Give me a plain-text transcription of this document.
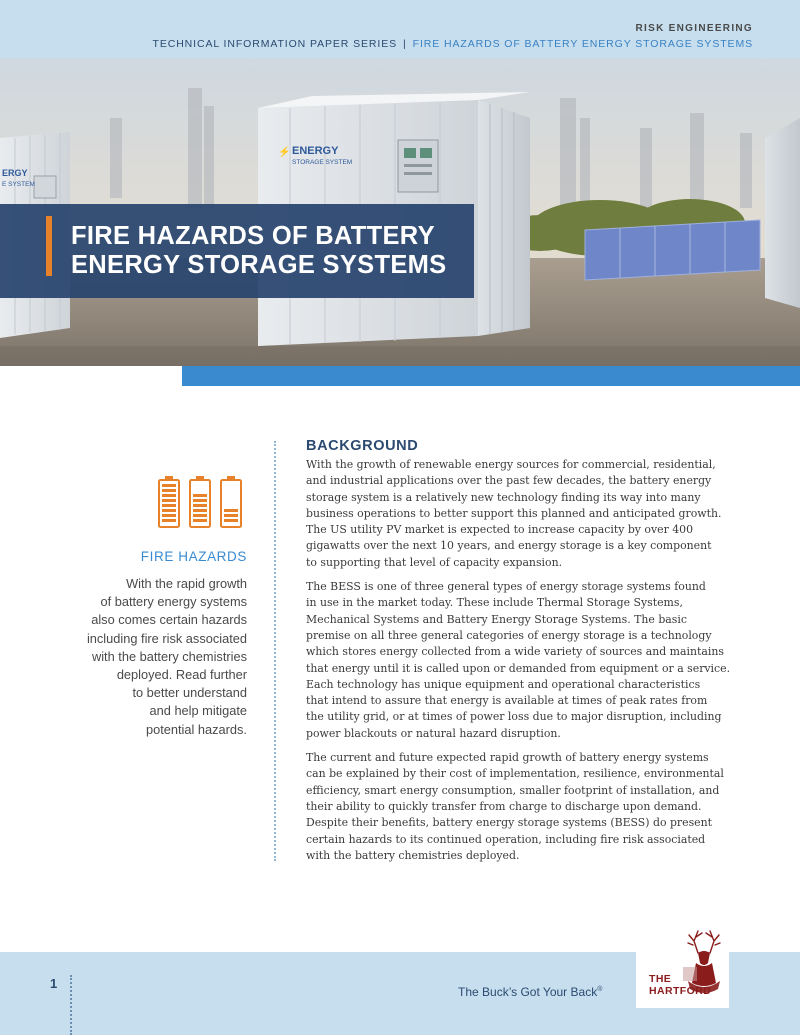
RISK ENGINEERING
TECHNICAL INFORMATION PAPER SERIES | FIRE HAZARDS OF BATTERY ENERGY STORAGE SYSTEMS
ERGY
E SYSTEM
⚡ ENERGY
STORAGE SYSTEM
FIRE HAZARDS OF BATTERY
ENERGY STORAGE SYSTEMS
FIRE HAZARDS
With the rapid growth
of battery energy systems
also comes certain hazards
including fire risk associated
with the battery chemistries
deployed. Read further
to better understand
and help mitigate
potential hazards.
BACKGROUND

With the growth of renewable energy sources for commercial, residential,
and industrial applications over the past few decades, the battery energy
storage system is a relatively new technology finding its way into many
business operations to better support this planned and anticipated growth.
The US utility PV market is expected to increase capacity by over 400
gigawatts over the next 10 years, and energy storage is a key component
to supporting that level of capacity expansion.

The BESS is one of three general types of energy storage systems found
in use in the market today. These include Thermal Storage Systems,
Mechanical Systems and Battery Energy Storage Systems. The basic
premise on all three general categories of energy storage is a technology
which stores energy collected from a wide variety of sources and maintains
that energy until it is called upon or demanded from equipment or a service.
Each technology has unique equipment and operational characteristics
that intend to assure that energy is available at times of peak rates from
the utility grid, or at times of power loss due to major disruption, including
power blackouts or natural hazard disruption.

The current and future expected rapid growth of battery energy systems
can be explained by their cost of implementation, resilience, environmental
efficiency, smart energy consumption, smaller footprint of installation, and
their ability to quickly transfer from charge to discharge upon demand.
Despite their benefits, battery energy storage systems (BESS) do present
certain hazards to its continued operation, including fire risk associated
with the battery chemistries deployed.

1
The Buck’s Got Your Back®
THE
HARTFORD
